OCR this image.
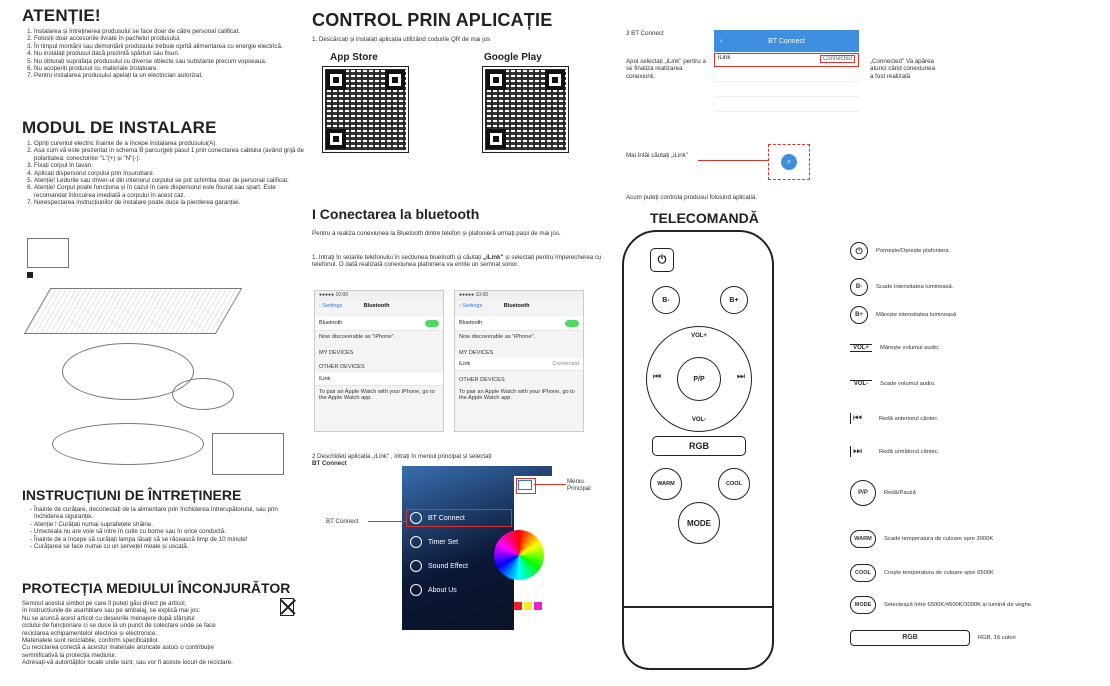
ATENȚIE!
1. Instalarea și întreținerea produsului se face doar de către personal calificat.
2. Folosiți doar accesoriile livrate în pachetul produsului.
3. În timpul montării sau demontării produsului trebuie oprită alimentarea cu energie electrică.
4. Nu instalați produsul dacă prezintă spărturi sau fisuri.
5. Nu obturați suprafața produsului cu diverse obiecte sau substanțe precum vopseaua.
6. Nu acoperiți produsul cu materiale izolatoare.
7. Pentru instalarea produsului apelați la un electrician autorizat.
MODUL DE INSTALARE
1. Opriți curentul electric înainte de a începe instalarea produsului(A).
2. Asa cum vă este prezentat în schema B parcurgeți pasul 1 prin conectarea cablului (având grijă de polaritatea: conectorilor "L"(+) și "N"(-).
3. Fixați corpul în tavan.
4. Aplicați dispersorul corpului prin înșurubare.
5. Atenție! Ledurile sau driver-ul din interiorul corpului se pot schimba doar de personal calificat.
6. Atenție! Corpul poate funcționa și în cazul în care dispersorul este fisurat sau spart. Este recomandat înlocuirea imediată a corpului în acest caz.
7. Nerespectarea instrucțiunilor de instalare poate duce la pierderea garanției.
INSTRUCȚIUNI DE ÎNTREȚINERE
- Înainte de curățare, deconectați de la alimentare prin închiderea întrerupătorului, sau prin închiderea siguranței.
- Atenție ! Curățați numai suprafețele străine.
- Umezeala nu are voie să intre în cutie cu borne sau în orice conductă.
- Înainte de a începe să curățați lampa lăsați să se răcească timp de 10 minute!
- Curățarea se face numai cu un șervețel moale și uscată.
PROTECȚIA MEDIULUI ÎNCONJURĂTOR
Semnul acestui simbol pe care îl puteți găsi direct pe articol,
în instrucțiunile de asamblare sau pe ambalaj, se explică mai jos:
Nu se aruncă acest articol cu deșeurile menajere după sfârșitul
ciclului de funcționare ci se duce la un punct de colectare unde se face
reciclarea echipamentelor electrice și electronice.
Materialele sunt reciclabile, conform specificațiilor.
Cu reciclarea corectă a acestor materiale aruncate astuci o contribuție
semnificativă la protecția mediului.
Adresați-vă autorităților locale unde sunt, sau vor fi aceste locuri de reciclare.
CONTROL PRIN APLICAȚIE
1. Descărcați și instalați aplicația utilizând codurile QR de mai jos
App Store	Google Play
I Conectarea la bluetooth
Pentru a realiza conexiunea la Bluetooth dintre telefon și plafonieră urmați pașii de mai jos.
1. Intrați în setarile telefonului în secțiunea bluetooth și căutați „iLink" și selectați pentru împerecherea cu telefonul. O dată realizată conexiunea plafoniera va emite un semnal sonor.
●●●●● 10:00
‹ Settings	Bluetooth
Bluetooth
Now discoverable as "iPhone".
MY DEVICES
OTHER DEVICES
iLink
To pair an Apple Watch with your iPhone, go to the Apple Watch app.
●●●●● 10:00
‹ Settings	Bluetooth
Bluetooth
Now discoverable as "iPhone".
MY DEVICES
iLink	Connected
OTHER DEVICES
To pair an Apple Watch with your iPhone, go to the Apple Watch app.
2 Deschideți aplicația „iLink" , intrați în meniul principal și selectați
BT Connect
BT Connect
Timer Set
Sound Effect
About Us
BT Connect
Meniu Principal
3 BT Connect
‹	BT Connect
iLink	Connected
Apoi selectați „iLink" pentru a se finaliza realizarea conexiunii.
„Connected" Va apărea atunci când conexiunea a fost realizată
Mai întâi căutați „iLink"
⌕
Acum puteți controla produsul folosind aplicația.
TELECOMANDĂ
⏻
B-	B+
VOL+
VOL-
⏮	⏭
P/P
RGB
WARM	COOL
MODE
⏻	Pornește/Oprește plafoniera.
B-	Scade intensitatea luminoasă.
B+	Mărește intensitatea luminoasă
VOL+	Mărește volumul audio.
VOL-	Scade volumul audio.
⏮	Redă anteriorul cântec.
⏭	Redă următorul cântec.
P/P	Redă/Pauză
WARM	Scade temperatura de culoare spre 3000K
COOL	Crește temperatura de culoare spre 6500K
MODE	Selectează între 6500K/4500K/3000K și lumină de veghe.
RGB	RGB, 16 culori
